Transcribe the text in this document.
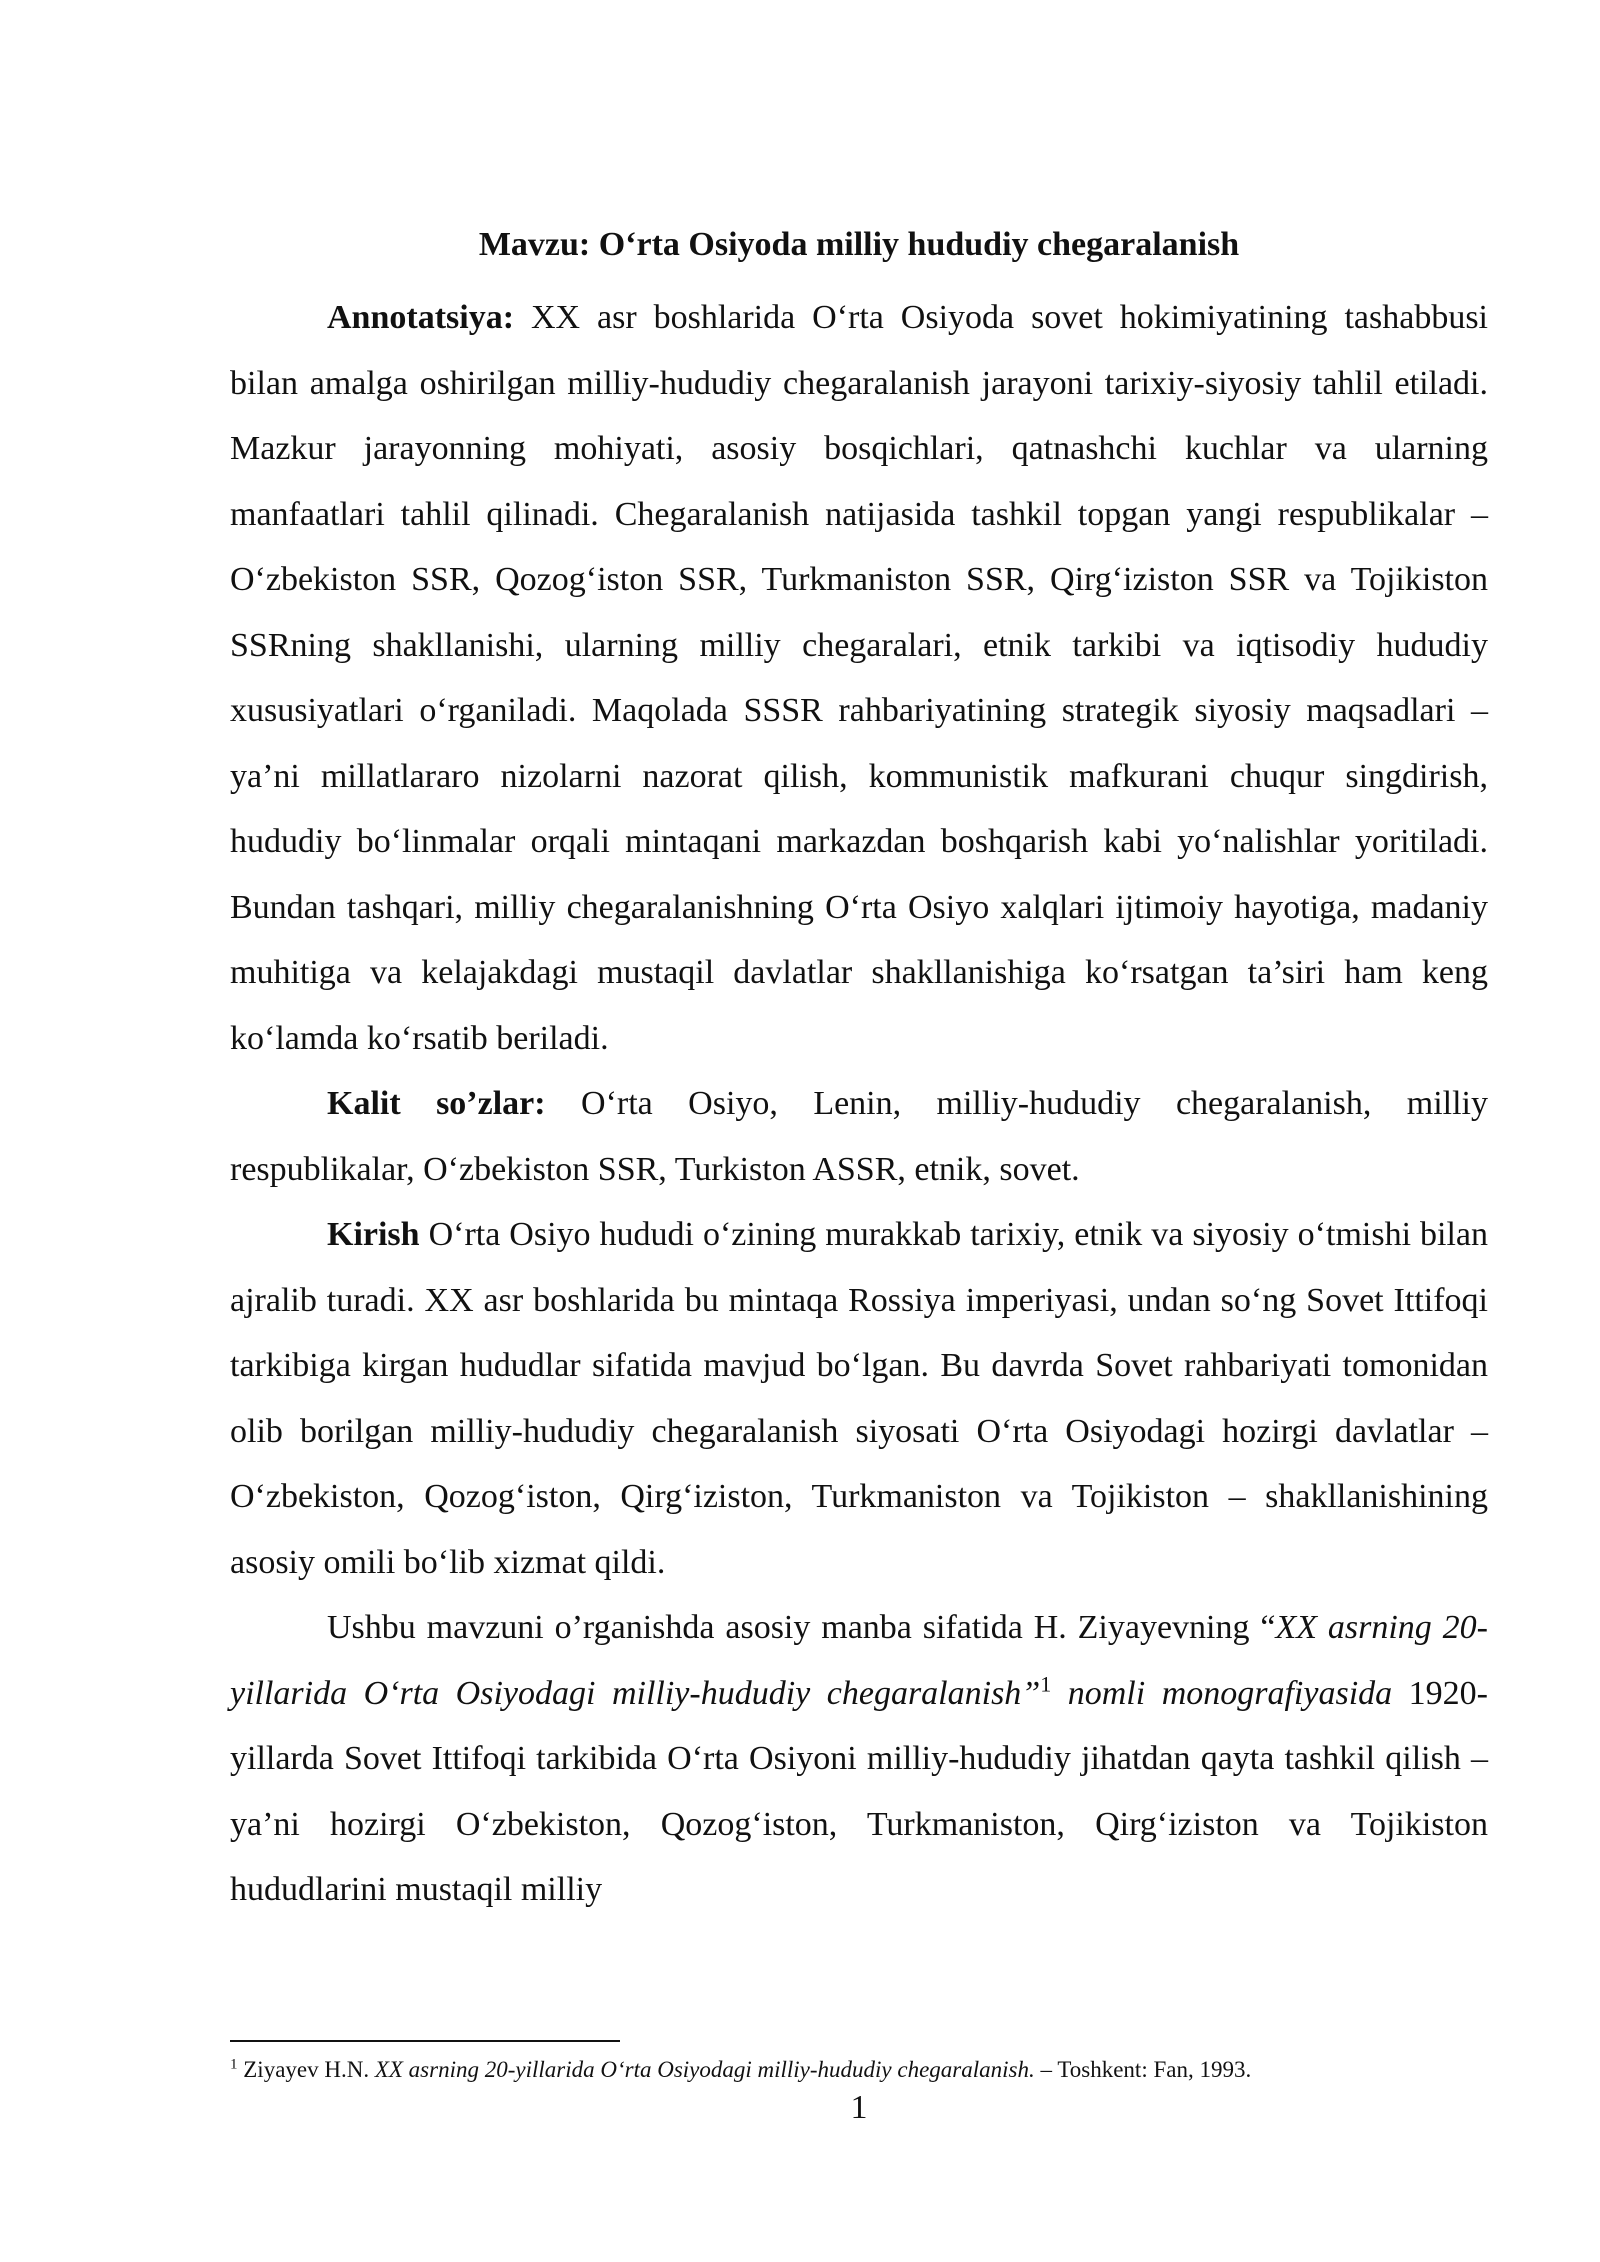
Mavzu: O‘rta Osiyoda milliy hududiy chegaralanish

Annotatsiya: XX asr boshlarida O‘rta Osiyoda sovet hokimiyatining tashabbusi bilan amalga oshirilgan milliy-hududiy chegaralanish jarayoni tarixiy-siyosiy tahlil etiladi. Mazkur jarayonning mohiyati, asosiy bosqichlari, qatnashchi kuchlar va ularning manfaatlari tahlil qilinadi. Chegaralanish natijasida tashkil topgan yangi respublikalar – O‘zbekiston SSR, Qozog‘iston SSR, Turkmaniston SSR, Qirg‘iziston SSR va Tojikiston SSRning shakllanishi, ularning milliy chegaralari, etnik tarkibi va iqtisodiy hududiy xususiyatlari o‘rganiladi. Maqolada SSSR rahbariyatining strategik siyosiy maqsadlari – ya’ni millatlararo nizolarni nazorat qilish, kommunistik mafkurani chuqur singdirish, hududiy bo‘linmalar orqali mintaqani markazdan boshqarish kabi yo‘nalishlar yoritiladi. Bundan tashqari, milliy chegaralanishning O‘rta Osiyo xalqlari ijtimoiy hayotiga, madaniy muhitiga va kelajakdagi mustaqil davlatlar shakllanishiga ko‘rsatgan ta’siri ham keng ko‘lamda ko‘rsatib beriladi.

Kalit so’zlar: O‘rta Osiyo, Lenin, milliy-hududiy chegaralanish, milliy respublikalar, O‘zbekiston SSR, Turkiston ASSR, etnik, sovet.

Kirish O‘rta Osiyo hududi o‘zining murakkab tarixiy, etnik va siyosiy o‘tmishi bilan ajralib turadi. XX asr boshlarida bu mintaqa Rossiya imperiyasi, undan so‘ng Sovet Ittifoqi tarkibiga kirgan hududlar sifatida mavjud bo‘lgan. Bu davrda Sovet rahbariyati tomonidan olib borilgan milliy-hududiy chegaralanish siyosati O‘rta Osiyodagi hozirgi davlatlar – O‘zbekiston, Qozog‘iston, Qirg‘iziston, Turkmaniston va Tojikiston – shakllanishining asosiy omili bo‘lib xizmat qildi.

Ushbu mavzuni o’rganishda asosiy manba sifatida H. Ziyayevning “XX asrning 20-yillarida O‘rta Osiyodagi milliy-hududiy chegaralanish”$^1$ nomli monografiyasida 1920-yillarda Sovet Ittifoqi tarkibida O‘rta Osiyoni milliy-hududiy jihatdan qayta tashkil qilish – ya’ni hozirgi O‘zbekiston, Qozog‘iston, Turkmaniston, Qirg‘iziston va Tojikiston hududlarini mustaqil milliy

$^1$ Ziyayev H.N. XX asrning 20-yillarida O‘rta Osiyodagi milliy-hududiy chegaralanish. – Toshkent: Fan, 1993.
1
